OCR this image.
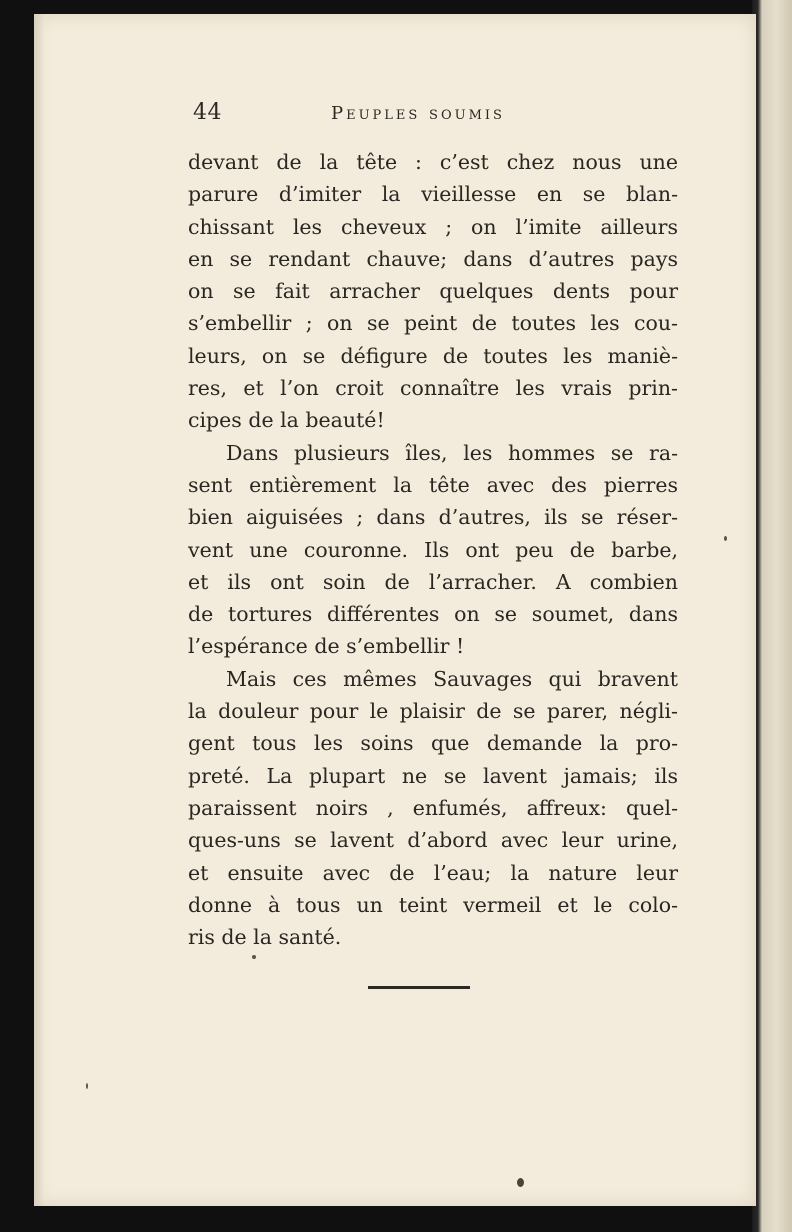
44	Peuples soumis
devant de la tête : c’est chez nous une
parure d’imiter la vieillesse en se blan-
chissant les cheveux ; on l’imite ailleurs
en se rendant chauve; dans d’autres pays
on se fait arracher quelques dents pour
s’embellir ; on se peint de toutes les cou-
leurs, on se défigure de toutes les maniè-
res, et l’on croit connaître les vrais prin-
cipes de la beauté!
Dans plusieurs îles, les hommes se ra-
sent entièrement la tête avec des pierres
bien aiguisées ; dans d’autres, ils se réser-
vent une couronne. Ils ont peu de barbe,
et ils ont soin de l’arracher. A combien
de tortures différentes on se soumet, dans
l’espérance de s’embellir !
Mais ces mêmes Sauvages qui bravent
la douleur pour le plaisir de se parer, négli-
gent tous les soins que demande la pro-
preté. La plupart ne se lavent jamais; ils
paraissent noirs , enfumés, affreux: quel-
ques-uns se lavent d’abord avec leur urine,
et ensuite avec de l’eau; la nature leur
donne à tous un teint vermeil et le colo-
ris de la santé.
